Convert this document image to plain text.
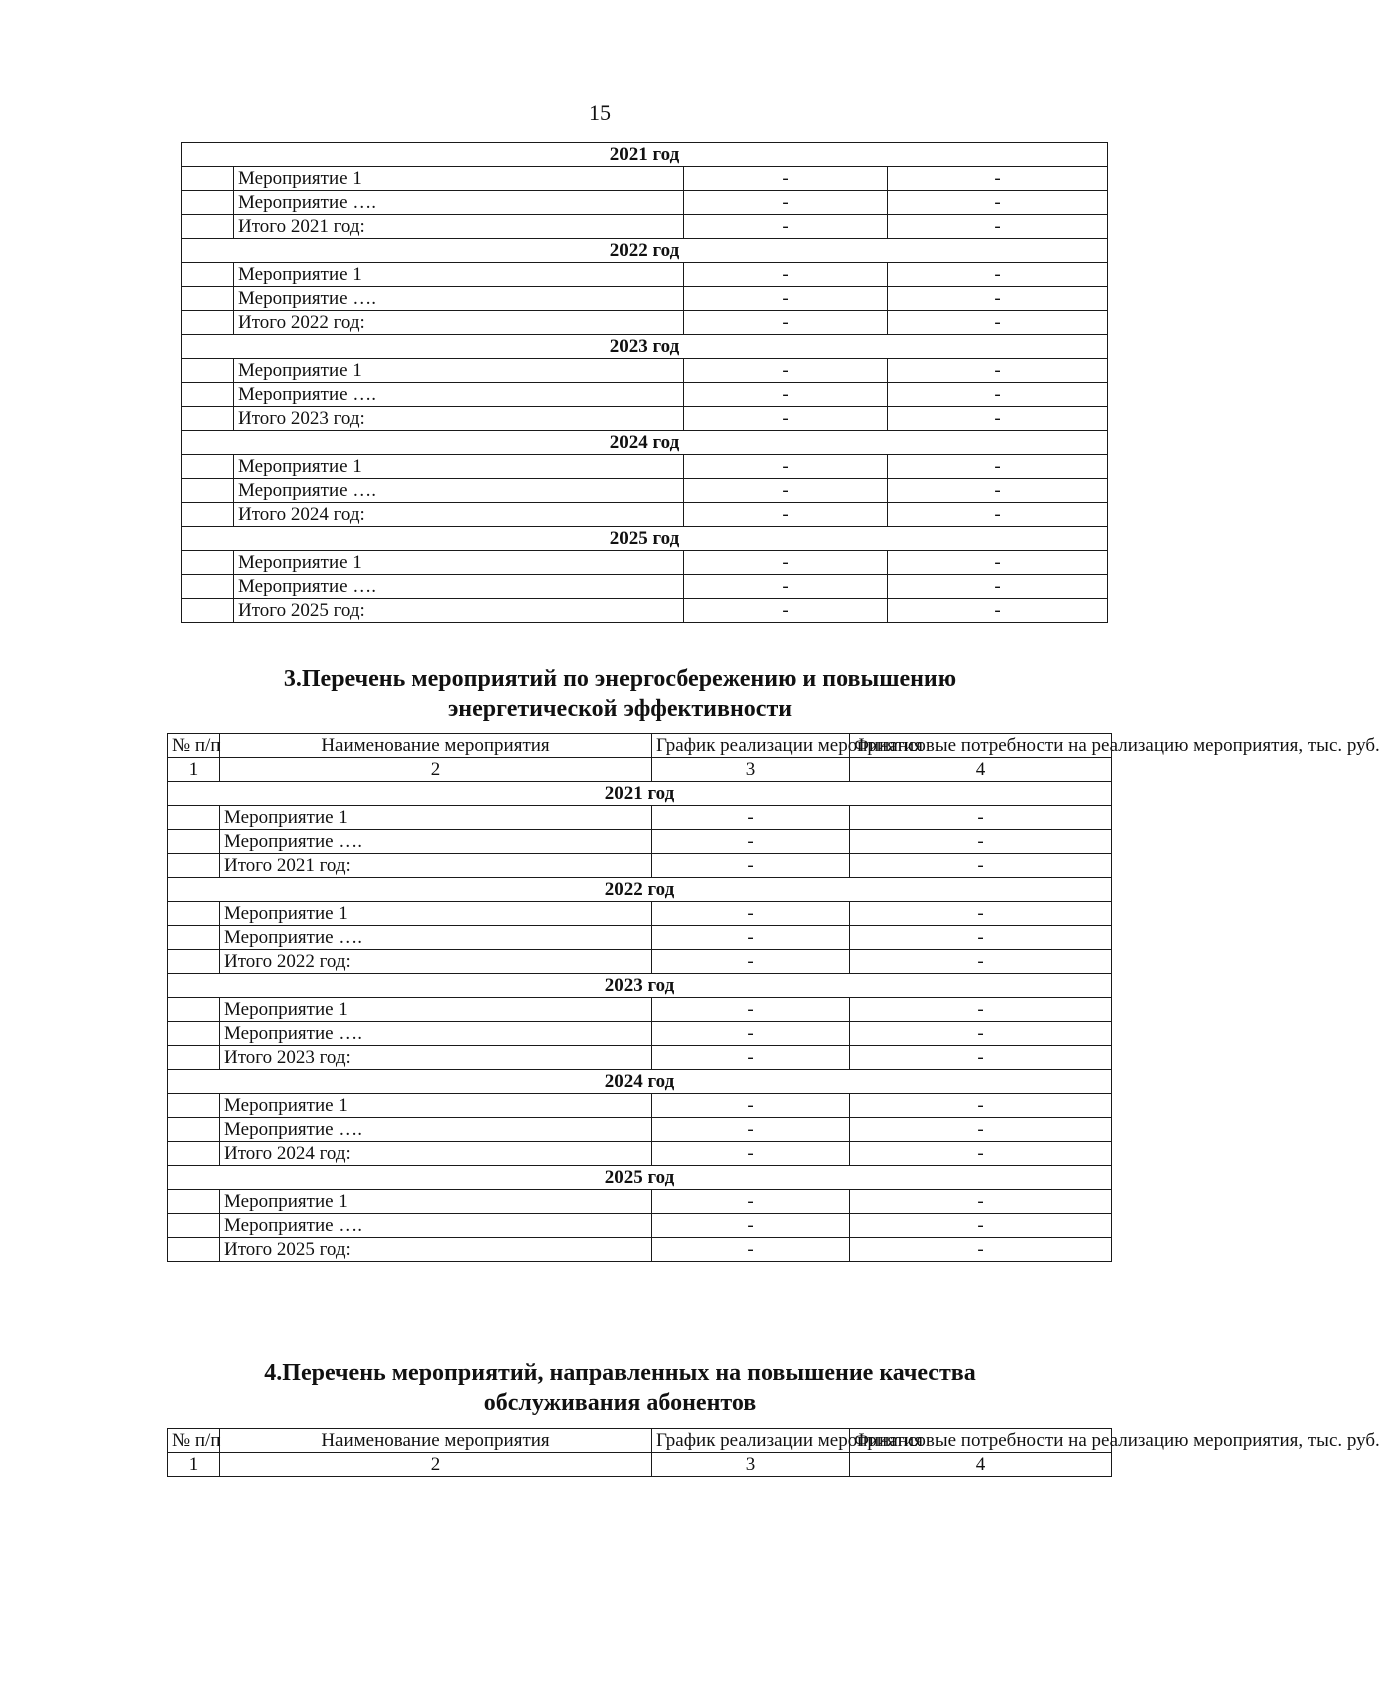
15
2021 год			
	Мероприятие 1	-	-
	Мероприятие ….	-	-
	Итого 2021 год:	-	-
2022 год			
	Мероприятие 1	-	-
	Мероприятие ….	-	-
	Итого 2022 год:	-	-
2023 год			
	Мероприятие 1	-	-
	Мероприятие ….	-	-
	Итого 2023 год:	-	-
2024 год			
	Мероприятие 1	-	-
	Мероприятие ….	-	-
	Итого 2024 год:	-	-
2025 год			
	Мероприятие 1	-	-
	Мероприятие ….	-	-
	Итого 2025 год:	-	-
3.Перечень мероприятий по энергосбережению и повышению
энергетической эффективности
№ п/п	Наименование мероприятия	График реализации мероприятия	Финансовые потребности на реализацию мероприятия, тыс. руб.
1	2	3	4
2021 год			
	Мероприятие 1	-	-
	Мероприятие ….	-	-
	Итого 2021 год:	-	-
2022 год			
	Мероприятие 1	-	-
	Мероприятие ….	-	-
	Итого 2022 год:	-	-
2023 год			
	Мероприятие 1	-	-
	Мероприятие ….	-	-
	Итого 2023 год:	-	-
2024 год			
	Мероприятие 1	-	-
	Мероприятие ….	-	-
	Итого 2024 год:	-	-
2025 год			
	Мероприятие 1	-	-
	Мероприятие ….	-	-
	Итого 2025 год:	-	-
4.Перечень мероприятий, направленных на повышение качества
обслуживания абонентов
№ п/п	Наименование мероприятия	График реализации мероприятия	Финансовые потребности на реализацию мероприятия, тыс. руб.
1	2	3	4
